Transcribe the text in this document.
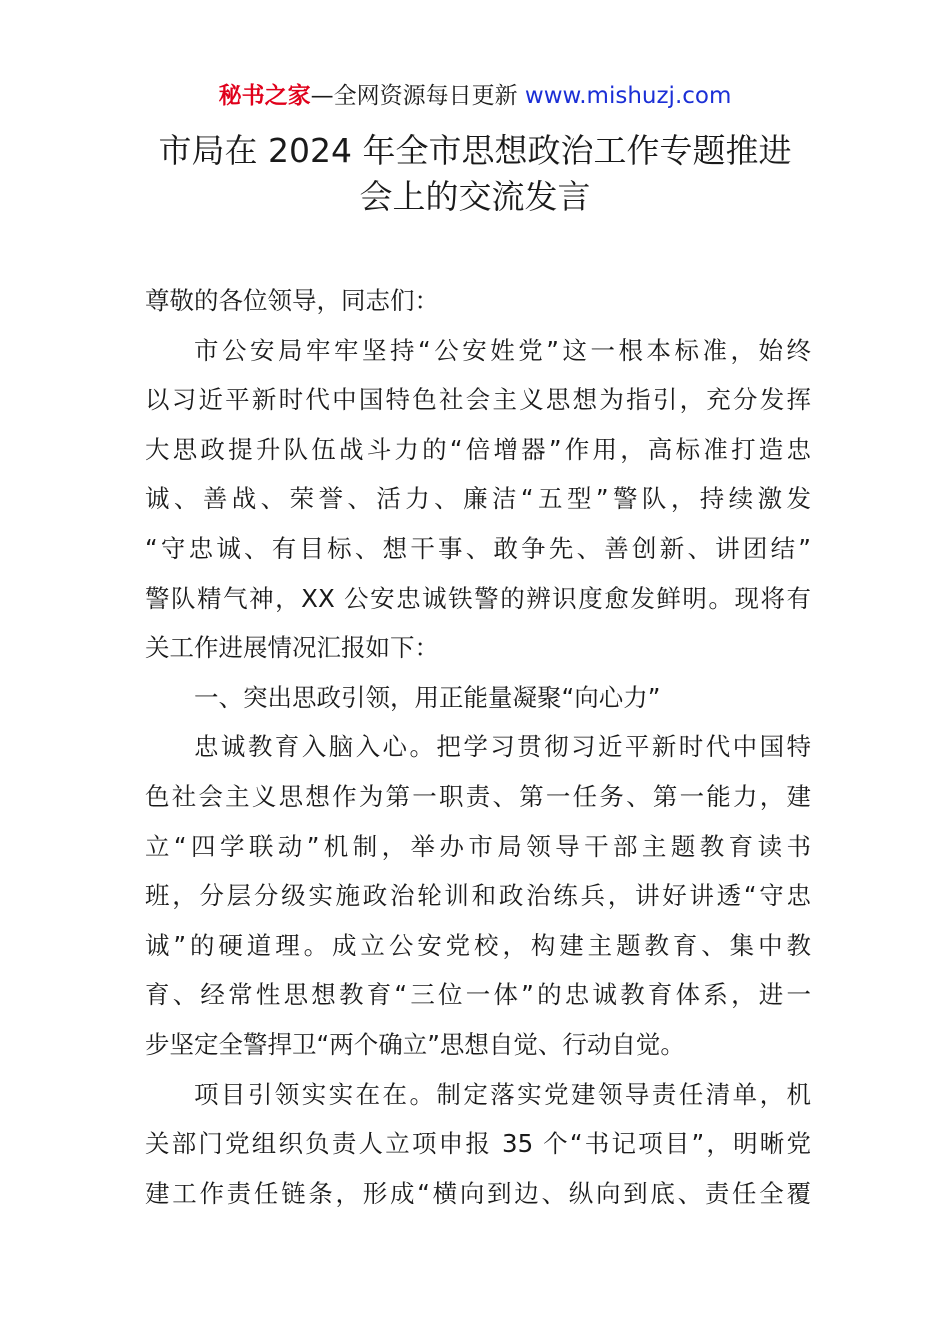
秘书之家—全网资源每日更新 www.mishuzj.com
市局在 2024 年全市思想政治工作专题推进
会上的交流发言
尊敬的各位领导，同志们：
市公安局牢牢坚持“公安姓党”这一根本标准，始终
以习近平新时代中国特色社会主义思想为指引，充分发挥
大思政提升队伍战斗力的“倍增器”作用，高标准打造忠
诚、善战、荣誉、活力、廉洁“五型”警队，持续激发
“守忠诚、有目标、想干事、敢争先、善创新、讲团结”
警队精气神，XX 公安忠诚铁警的辨识度愈发鲜明。现将有
关工作进展情况汇报如下：
一、突出思政引领，用正能量凝聚“向心力”
忠诚教育入脑入心。把学习贯彻习近平新时代中国特
色社会主义思想作为第一职责、第一任务、第一能力，建
立“四学联动”机制，举办市局领导干部主题教育读书
班，分层分级实施政治轮训和政治练兵，讲好讲透“守忠
诚”的硬道理。成立公安党校，构建主题教育、集中教
育、经常性思想教育“三位一体”的忠诚教育体系，进一
步坚定全警捍卫“两个确立”思想自觉、行动自觉。
项目引领实实在在。制定落实党建领导责任清单，机
关部门党组织负责人立项申报 35 个“书记项目”，明晰党
建工作责任链条，形成“横向到边、纵向到底、责任全覆
